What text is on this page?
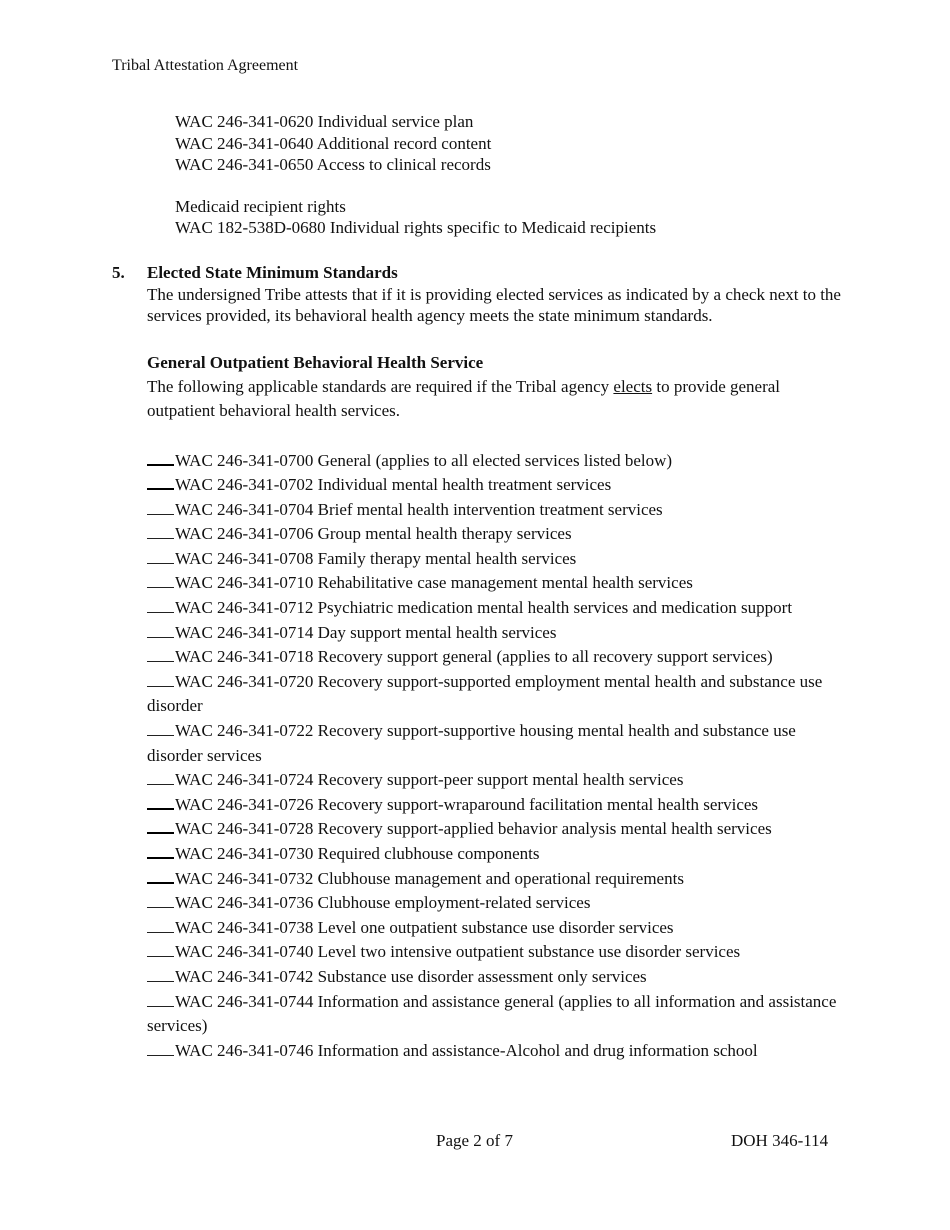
Tribal Attestation Agreement
WAC 246-341-0620 Individual service plan
WAC 246-341-0640 Additional record content
WAC 246-341-0650 Access to clinical records
Medicaid recipient rights
WAC 182-538D-0680 Individual rights specific to Medicaid recipients
5.	Elected State Minimum Standards
The undersigned Tribe attests that if it is providing elected services as indicated by a check next to the services provided, its behavioral health agency meets the state minimum standards.
General Outpatient Behavioral Health Service
The following applicable standards are required if the Tribal agency elects to provide general outpatient behavioral health services.
WAC 246-341-0700 General (applies to all elected services listed below)
WAC 246-341-0702 Individual mental health treatment services
WAC 246-341-0704 Brief mental health intervention treatment services
WAC 246-341-0706 Group mental health therapy services
WAC 246-341-0708 Family therapy mental health services
WAC 246-341-0710 Rehabilitative case management mental health services
WAC 246-341-0712 Psychiatric medication mental health services and medication support
WAC 246-341-0714 Day support mental health services
WAC 246-341-0718 Recovery support general (applies to all recovery support services)
WAC 246-341-0720 Recovery support-supported employment mental health and substance use disorder
WAC 246-341-0722 Recovery support-supportive housing mental health and substance use disorder services
WAC 246-341-0724 Recovery support-peer support mental health services
WAC 246-341-0726 Recovery support-wraparound facilitation mental health services
WAC 246-341-0728 Recovery support-applied behavior analysis mental health services
WAC 246-341-0730 Required clubhouse components
WAC 246-341-0732 Clubhouse management and operational requirements
WAC 246-341-0736 Clubhouse employment-related services
WAC 246-341-0738 Level one outpatient substance use disorder services
WAC 246-341-0740 Level two intensive outpatient substance use disorder services
WAC 246-341-0742 Substance use disorder assessment only services
WAC 246-341-0744 Information and assistance general (applies to all information and assistance services)
WAC 246-341-0746 Information and assistance-Alcohol and drug information school
Page 2 of 7	DOH 346-114
